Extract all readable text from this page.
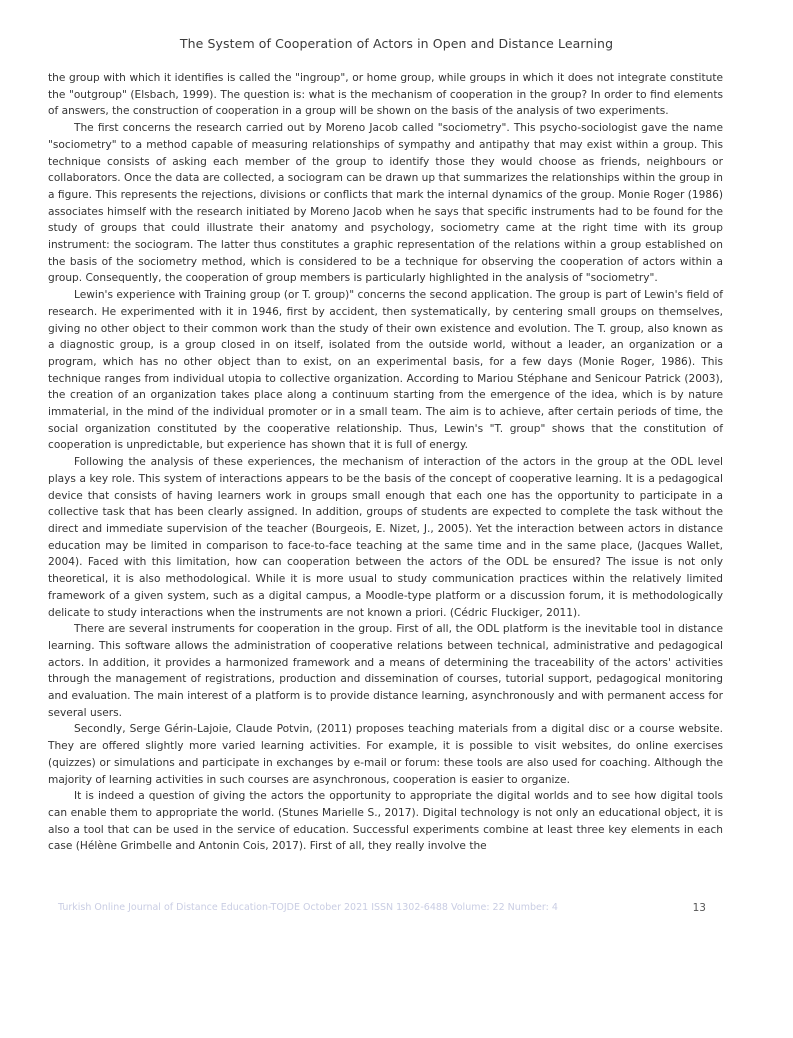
The System of Cooperation of Actors in Open and Distance Learning

the group with which it identifies is called the "ingroup", or home group, while groups in which it does not integrate constitute the "outgroup" (Elsbach, 1999). The question is: what is the mechanism of cooperation in the group? In order to find elements of answers, the construction of cooperation in a group will be shown on the basis of the analysis of two experiments.

The first concerns the research carried out by Moreno Jacob called "sociometry". This psycho-sociologist gave the name "sociometry" to a method capable of measuring relationships of sympathy and antipathy that may exist within a group. This technique consists of asking each member of the group to identify those they would choose as friends, neighbours or collaborators. Once the data are collected, a sociogram can be drawn up that summarizes the relationships within the group in a figure. This represents the rejections, divisions or conflicts that mark the internal dynamics of the group. Monie Roger (1986) associates himself with the research initiated by Moreno Jacob when he says that specific instruments had to be found for the study of groups that could illustrate their anatomy and psychology, sociometry came at the right time with its group instrument: the sociogram. The latter thus constitutes a graphic representation of the relations within a group established on the basis of the sociometry method, which is considered to be a technique for observing the cooperation of actors within a group. Consequently, the cooperation of group members is particularly highlighted in the analysis of "sociometry".

Lewin's experience with Training group (or T. group)" concerns the second application. The group is part of Lewin's field of research. He experimented with it in 1946, first by accident, then systematically, by centering small groups on themselves, giving no other object to their common work than the study of their own existence and evolution. The T. group, also known as a diagnostic group, is a group closed in on itself, isolated from the outside world, without a leader, an organization or a program, which has no other object than to exist, on an experimental basis, for a few days (Monie Roger, 1986). This technique ranges from individual utopia to collective organization. According to Mariou Stéphane and Senicour Patrick (2003), the creation of an organization takes place along a continuum starting from the emergence of the idea, which is by nature immaterial, in the mind of the individual promoter or in a small team. The aim is to achieve, after certain periods of time, the social organization constituted by the cooperative relationship. Thus, Lewin's "T. group" shows that the constitution of cooperation is unpredictable, but experience has shown that it is full of energy.

Following the analysis of these experiences, the mechanism of interaction of the actors in the group at the ODL level plays a key role. This system of interactions appears to be the basis of the concept of cooperative learning. It is a pedagogical device that consists of having learners work in groups small enough that each one has the opportunity to participate in a collective task that has been clearly assigned. In addition, groups of students are expected to complete the task without the direct and immediate supervision of the teacher (Bourgeois, E. Nizet, J., 2005). Yet the interaction between actors in distance education may be limited in comparison to face-to-face teaching at the same time and in the same place, (Jacques Wallet, 2004). Faced with this limitation, how can cooperation between the actors of the ODL be ensured? The issue is not only theoretical, it is also methodological. While it is more usual to study communication practices within the relatively limited framework of a given system, such as a digital campus, a Moodle-type platform or a discussion forum, it is methodologically delicate to study interactions when the instruments are not known a priori. (Cédric Fluckiger, 2011).

There are several instruments for cooperation in the group. First of all, the ODL platform is the inevitable tool in distance learning. This software allows the administration of cooperative relations between technical, administrative and pedagogical actors. In addition, it provides a harmonized framework and a means of determining the traceability of the actors' activities through the management of registrations, production and dissemination of courses, tutorial support, pedagogical monitoring and evaluation. The main interest of a platform is to provide distance learning, asynchronously and with permanent access for several users.

Secondly, Serge Gérin-Lajoie, Claude Potvin, (2011) proposes teaching materials from a digital disc or a course website. They are offered slightly more varied learning activities. For example, it is possible to visit websites, do online exercises (quizzes) or simulations and participate in exchanges by e-mail or forum: these tools are also used for coaching. Although the majority of learning activities in such courses are asynchronous, cooperation is easier to organize.

It is indeed a question of giving the actors the opportunity to appropriate the digital worlds and to see how digital tools can enable them to appropriate the world. (Stunes Marielle S., 2017). Digital technology is not only an educational object, it is also a tool that can be used in the service of education. Successful experiments combine at least three key elements in each case (Hélène Grimbelle and Antonin Cois, 2017). First of all, they really involve the

Turkish Online Journal of Distance Education-TOJDE October 2021 ISSN 1302-6488 Volume: 22 Number: 4	13
